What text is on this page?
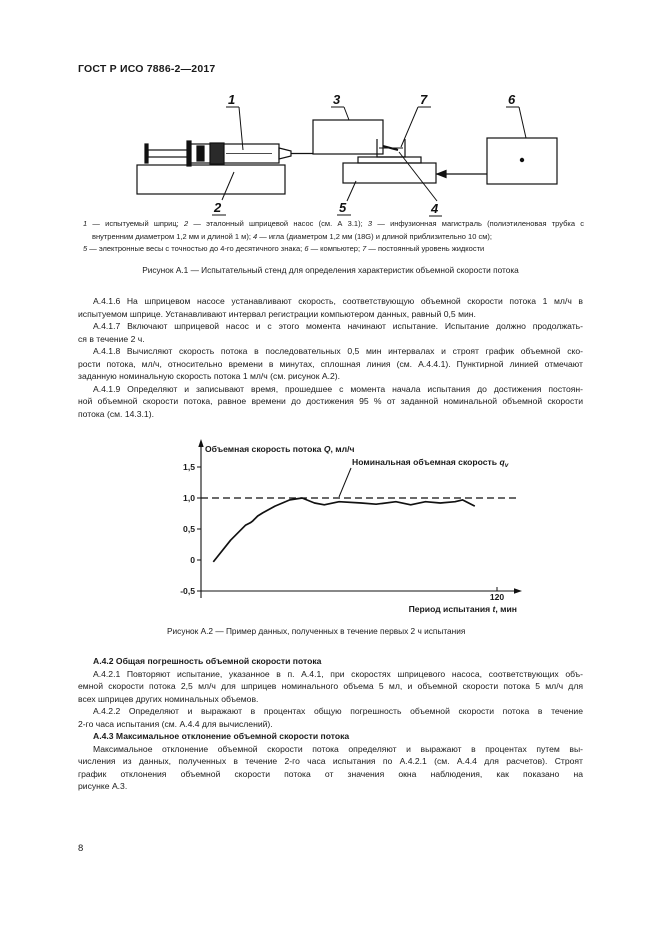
ГОСТ Р ИСО 7886-2—2017
1	3	7	6
2	5	4
1 — испытуемый шприц; 2 — эталонный шприцевой насос (см. А 3.1); 3 — инфузионная магистраль (полиэтиленовая трубка с
внутренним диаметром 1,2 мм и длиной 1 м); 4 — игла (диаметром 1,2 мм (18G) и длиной приблизительно 10 см);
5 — электронные весы с точностью до 4-го десятичного знака; 6 — компьютер; 7 — постоянный уровень жидкости
Рисунок А.1 — Испытательный стенд для определения характеристик объемной скорости потока
А.4.1.6 На шприцевом насосе устанавливают скорость, соответствующую объемной скорости потока 1 мл/ч в
испытуемом шприце. Устанавливают интервал регистрации компьютером данных, равный 0,5 мин.
А.4.1.7 Включают шприцевой насос и с этого момента начинают испытание. Испытание должно продолжать-
ся в течение 2 ч.
А.4.1.8 Вычисляют скорость потока в последовательных 0,5 мин интервалах и строят график объемной ско-
рости потока, мл/ч, относительно времени в минутах, сплошная линия (см. А.4.4.1). Пунктирной линией отмечают
заданную номинальную скорость потока 1 мл/ч (см. рисунок А.2).
А.4.1.9 Определяют и записывают время, прошедшее с момента начала испытания до достижения постоян-
ной объемной скорости потока, равное времени до достижения 95 % от заданной номинальной объемной скорости
потока (см. 14.3.1).
1,5
1,0
0,5
0
-0,5
120
Объемная скорость потока Q, мл/ч
Номинальная объемная скорость $q_v$
Период испытания t, мин
Рисунок А.2 — Пример данных, полученных в течение первых 2 ч испытания
А.4.2 Общая погрешность объемной скорости потока
А.4.2.1 Повторяют испытание, указанное в п. А.4.1, при скоростях шприцевого насоса, соответствующих объ-
емной скорости потока 2,5 мл/ч для шприцев номинального объема 5 мл, и объемной скорости потока 5 мл/ч для
всех шприцев других номинальных объемов.
А.4.2.2 Определяют и выражают в процентах общую погрешность объемной скорости потока в течение
2-го часа испытания (см. А.4.4 для вычислений).
А.4.3 Максимальное отклонение объемной скорости потока
Максимальное отклонение объемной скорости потока определяют и выражают в процентах путем вы-
числения из данных, полученных в течение 2-го часа испытания по А.4.2.1 (см. А.4.4 для расчетов). Строят
график отклонения объемной скорости потока от значения окна наблюдения, как показано на
рисунке А.3.
8
